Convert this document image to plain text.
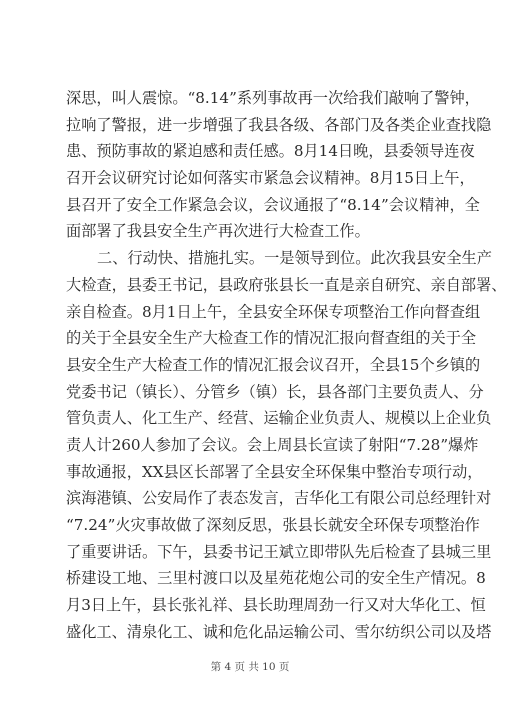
深思，叫人震惊。“8.14”系列事故再一次给我们敲响了警钟，
拉响了警报，进一步增强了我县各级、各部门及各类企业查找隐
患、预防事故的紧迫感和责任感。8月14日晚，县委领导连夜
召开会议研究讨论如何落实市紧急会议精神。8月15日上午，
县召开了安全工作紧急会议，会议通报了“8.14”会议精神，全
面部署了我县安全生产再次进行大检查工作。
二、行动快、措施扎实。一是领导到位。此次我县安全生产
大检查，县委王书记，县政府张县长一直是亲自研究、亲自部署、
亲自检查。8月1日上午，全县安全环保专项整治工作向督查组
的关于全县安全生产大检查工作的情况汇报向督查组的关于全
县安全生产大检查工作的情况汇报会议召开，全县15个乡镇的
党委书记（镇长）、分管乡（镇）长，县各部门主要负责人、分
管负责人、化工生产、经营、运输企业负责人、规模以上企业负
责人计260人参加了会议。会上周县长宣读了射阳“7.28”爆炸
事故通报，XX县区长部署了全县安全环保集中整治专项行动，
滨海港镇、公安局作了表态发言，吉华化工有限公司总经理针对
“7.24”火灾事故做了深刻反思，张县长就安全环保专项整治作
了重要讲话。下午，县委书记王斌立即带队先后检查了县城三里
桥建设工地、三里村渡口以及星苑花炮公司的安全生产情况。8
月3日上午，县长张礼祥、县长助理周劲一行又对大华化工、恒
盛化工、清泉化工、诚和危化品运输公司、雪尔纺织公司以及塔
第 4 页 共 10 页
